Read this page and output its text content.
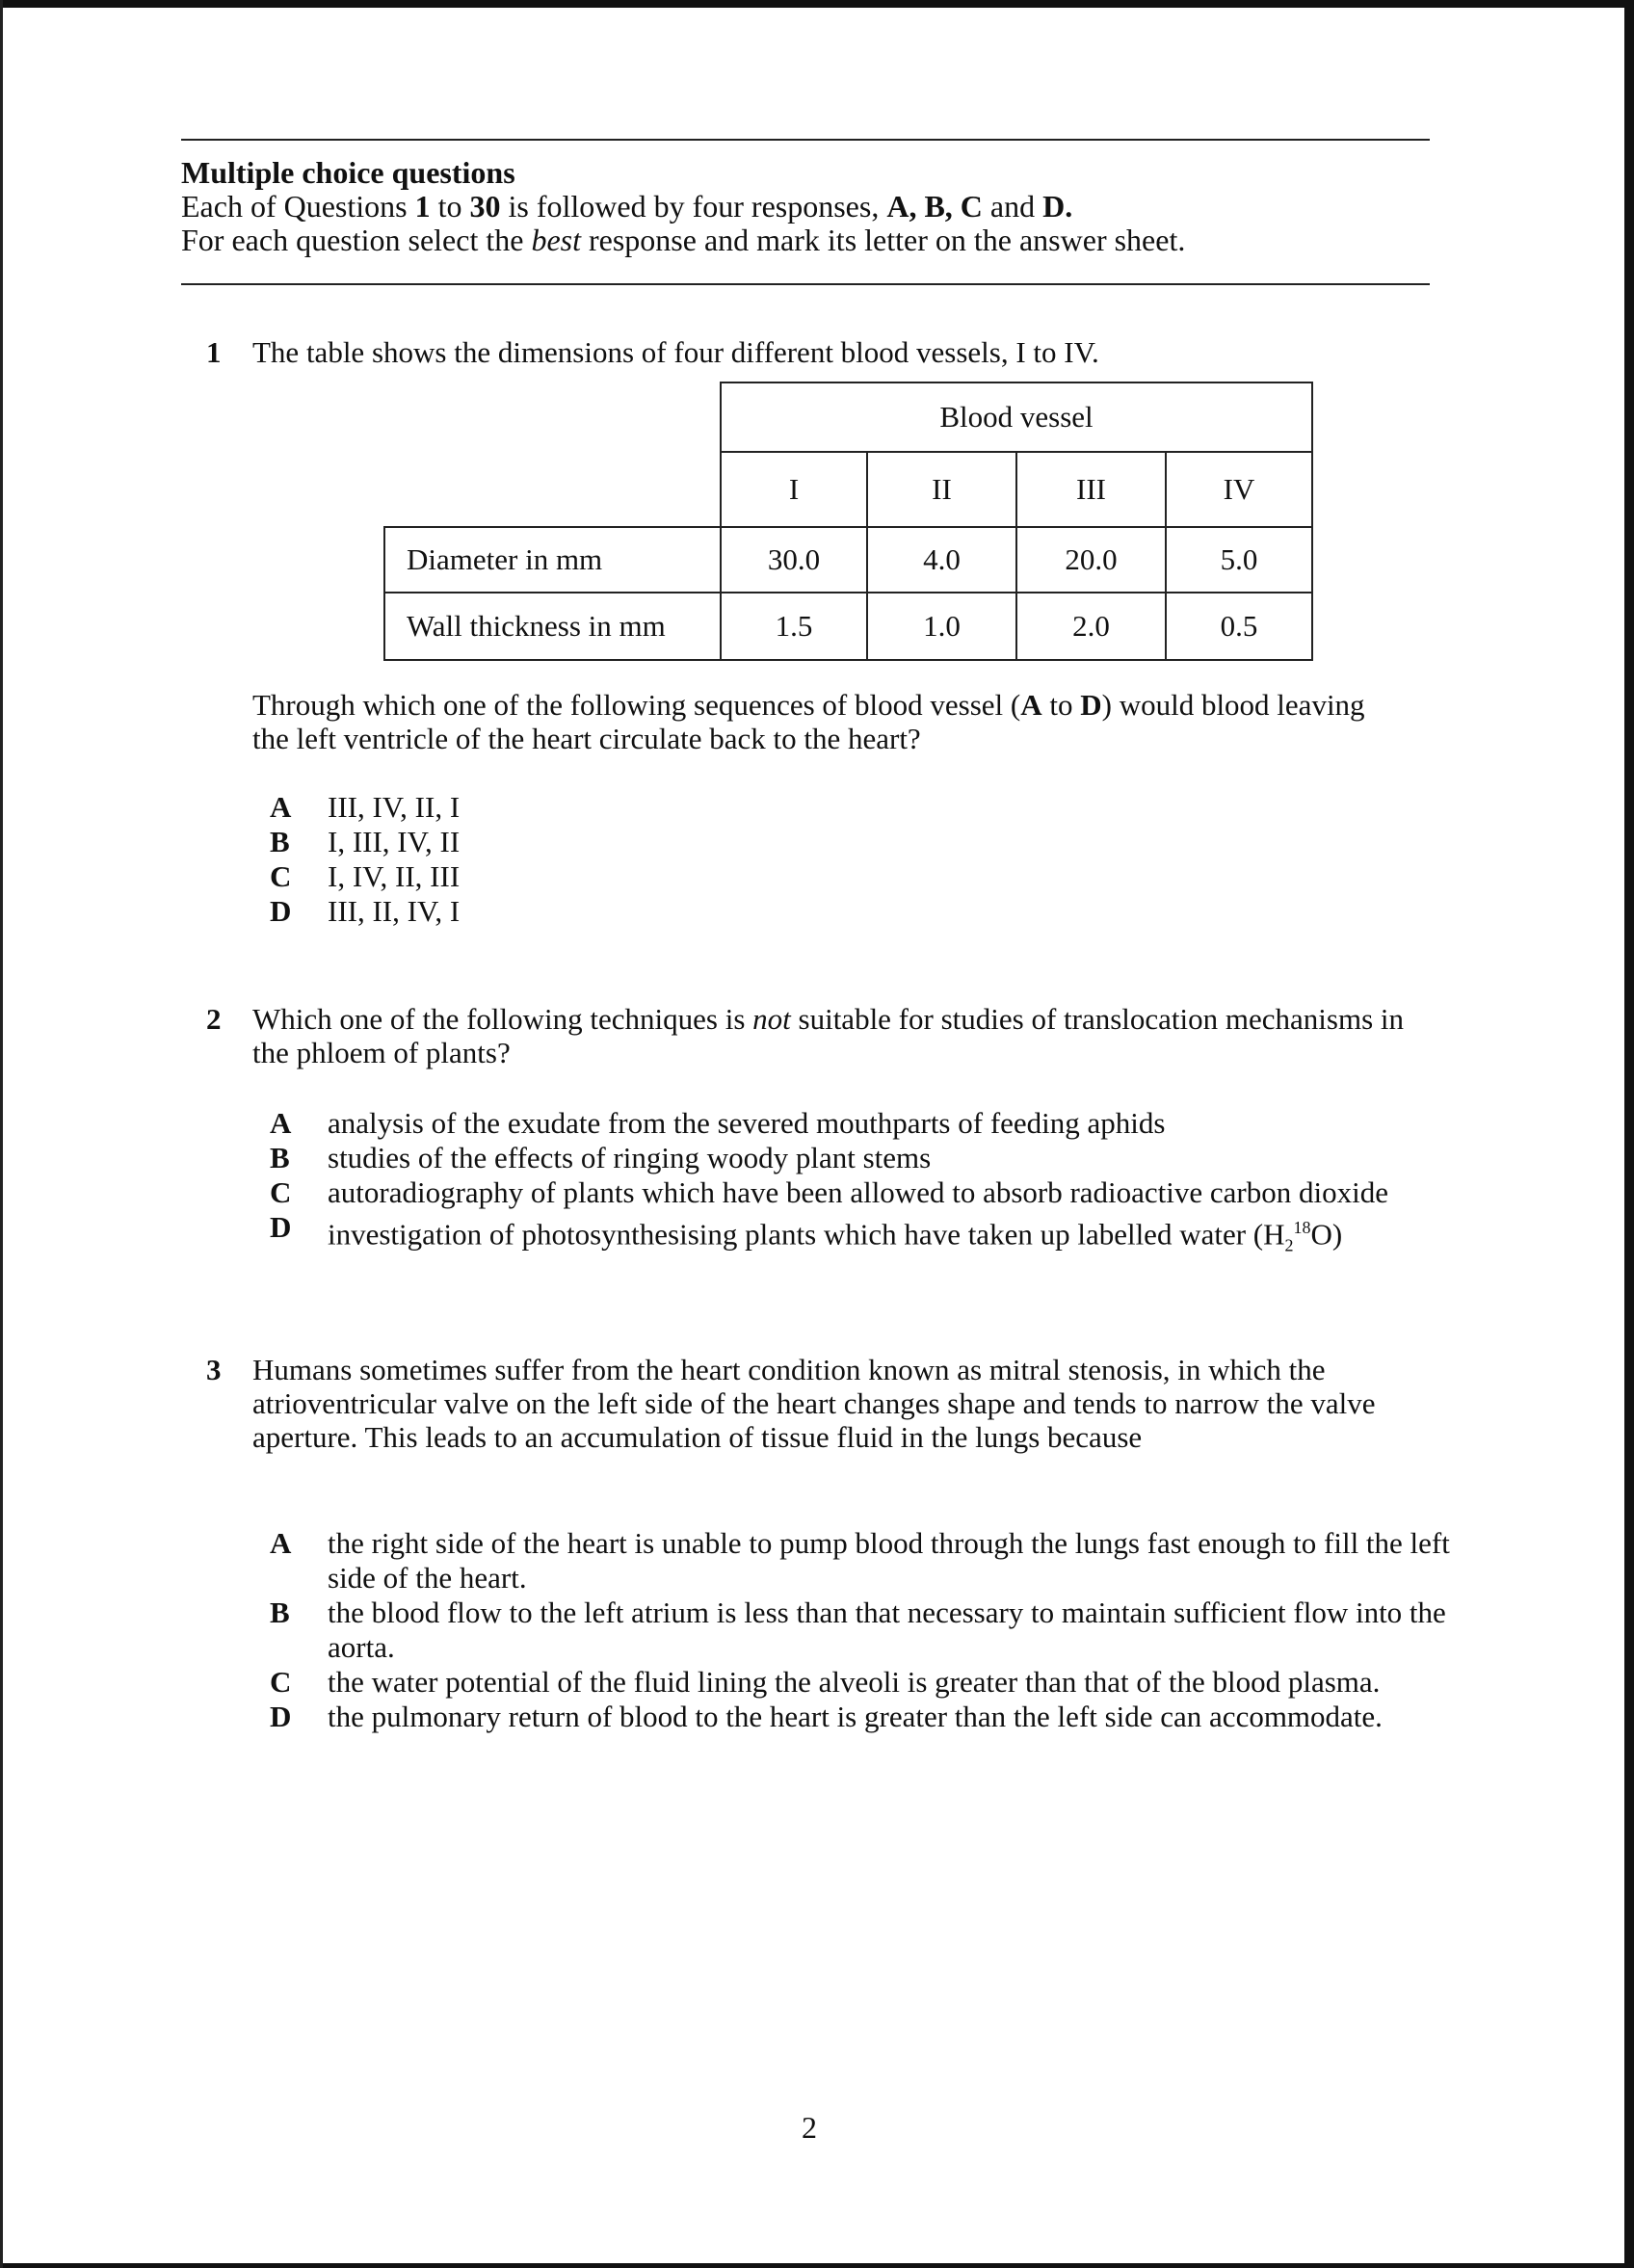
Multiple choice questions
Each of Questions 1 to 30 is followed by four responses, A, B, C and D.
For each question select the best response and mark its letter on the answer sheet.
1 The table shows the dimensions of four different blood vessels, I to IV.
	Blood vessel			
	I	II	III	IV
Diameter in mm	30.0	4.0	20.0	5.0
Wall thickness in mm	1.5	1.0	2.0	0.5
Through which one of the following sequences of blood vessel (A to D) would blood leaving the left ventricle of the heart circulate back to the heart?
A	III, IV, II, I
B	I, III, IV, II
C	I, IV, II, III
D	III, II, IV, I
2 Which one of the following techniques is not suitable for studies of translocation mechanisms in the phloem of plants?
A	analysis of the exudate from the severed mouthparts of feeding aphids
B	studies of the effects of ringing woody plant stems
C	autoradiography of plants which have been allowed to absorb radioactive carbon dioxide
D	investigation of photosynthesising plants which have taken up labelled water $(H_2^{18}O)$
3 Humans sometimes suffer from the heart condition known as mitral stenosis, in which the atrioventricular valve on the left side of the heart changes shape and tends to narrow the valve aperture. This leads to an accumulation of tissue fluid in the lungs because
A	the right side of the heart is unable to pump blood through the lungs fast enough to fill the left side of the heart.
B	the blood flow to the left atrium is less than that necessary to maintain sufficient flow into the aorta.
C	the water potential of the fluid lining the alveoli is greater than that of the blood plasma.
D	the pulmonary return of blood to the heart is greater than the left side can accommodate.
2
